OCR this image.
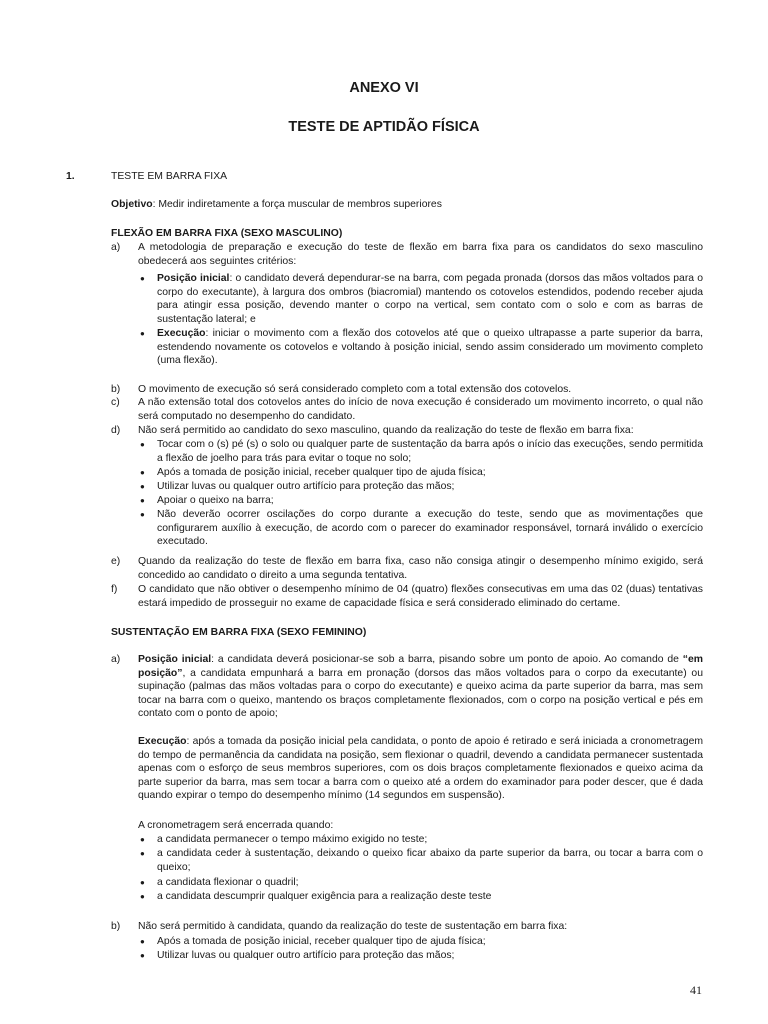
ANEXO VI
TESTE DE APTIDÃO FÍSICA
1.	TESTE EM BARRA FIXA
Objetivo: Medir indiretamente a força muscular de membros superiores
FLEXÃO EM BARRA FIXA (SEXO MASCULINO)
a)	A metodologia de preparação e execução do teste de flexão em barra fixa para os candidatos do sexo masculino obedecerá aos seguintes critérios:
● Posição inicial: o candidato deverá dependurar-se na barra, com pegada pronada (dorsos das mãos voltados para o corpo do executante), à largura dos ombros (biacromial) mantendo os cotovelos estendidos, podendo receber ajuda para atingir essa posição, devendo manter o corpo na vertical, sem contato com o solo e com as barras de sustentação lateral; e
● Execução: iniciar o movimento com a flexão dos cotovelos até que o queixo ultrapasse a parte superior da barra, estendendo novamente os cotovelos e voltando à posição inicial, sendo assim considerado um movimento completo (uma flexão).
b)	O movimento de execução só será considerado completo com a total extensão dos cotovelos.
c)	A não extensão total dos cotovelos antes do início de nova execução é considerado um movimento incorreto, o qual não será computado no desempenho do candidato.
d)	Não será permitido ao candidato do sexo masculino, quando da realização do teste de flexão em barra fixa:
● Tocar com o (s) pé (s) o solo ou qualquer parte de sustentação da barra após o início das execuções, sendo permitida a flexão de joelho para trás para evitar o toque no solo;
● Após a tomada de posição inicial, receber qualquer tipo de ajuda física;
● Utilizar luvas ou qualquer outro artifício para proteção das mãos;
● Apoiar o queixo na barra;
● Não deverão ocorrer oscilações do corpo durante a execução do teste, sendo que as movimentações que configurarem auxílio à execução, de acordo com o parecer do examinador responsável, tornará inválido o exercício executado.
e)	Quando da realização do teste de flexão em barra fixa, caso não consiga atingir o desempenho mínimo exigido, será concedido ao candidato o direito a uma segunda tentativa.
f)	O candidato que não obtiver o desempenho mínimo de 04 (quatro) flexões consecutivas em uma das 02 (duas) tentativas estará impedido de prosseguir no exame de capacidade física e será considerado eliminado do certame.
SUSTENTAÇÃO EM BARRA FIXA (SEXO FEMININO)
a)	Posição inicial: a candidata deverá posicionar-se sob a barra, pisando sobre um ponto de apoio. Ao comando de “em posição”, a candidata empunhará a barra em pronação (dorsos das mãos voltados para o corpo da executante) ou supinação (palmas das mãos voltadas para o corpo do executante) e queixo acima da parte superior da barra, mas sem tocar na barra com o queixo, mantendo os braços completamente flexionados, com o corpo na posição vertical e pés em contato com o ponto de apoio;
Execução: após a tomada da posição inicial pela candidata, o ponto de apoio é retirado e será iniciada a cronometragem do tempo de permanência da candidata na posição, sem flexionar o quadril, devendo a candidata permanecer sustentada apenas com o esforço de seus membros superiores, com os dois braços completamente flexionados e queixo acima da parte superior da barra, mas sem tocar a barra com o queixo até a ordem do examinador para poder descer, que é dada quando expirar o tempo do desempenho mínimo (14 segundos em suspensão).
A cronometragem será encerrada quando:
● a candidata permanecer o tempo máximo exigido no teste;
● a candidata ceder à sustentação, deixando o queixo ficar abaixo da parte superior da barra, ou tocar a barra com o queixo;
● a candidata flexionar o quadril;
● a candidata descumprir qualquer exigência para a realização deste teste
b)	Não será permitido à candidata, quando da realização do teste de sustentação em barra fixa:
● Após a tomada de posição inicial, receber qualquer tipo de ajuda física;
● Utilizar luvas ou qualquer outro artifício para proteção das mãos;
41
